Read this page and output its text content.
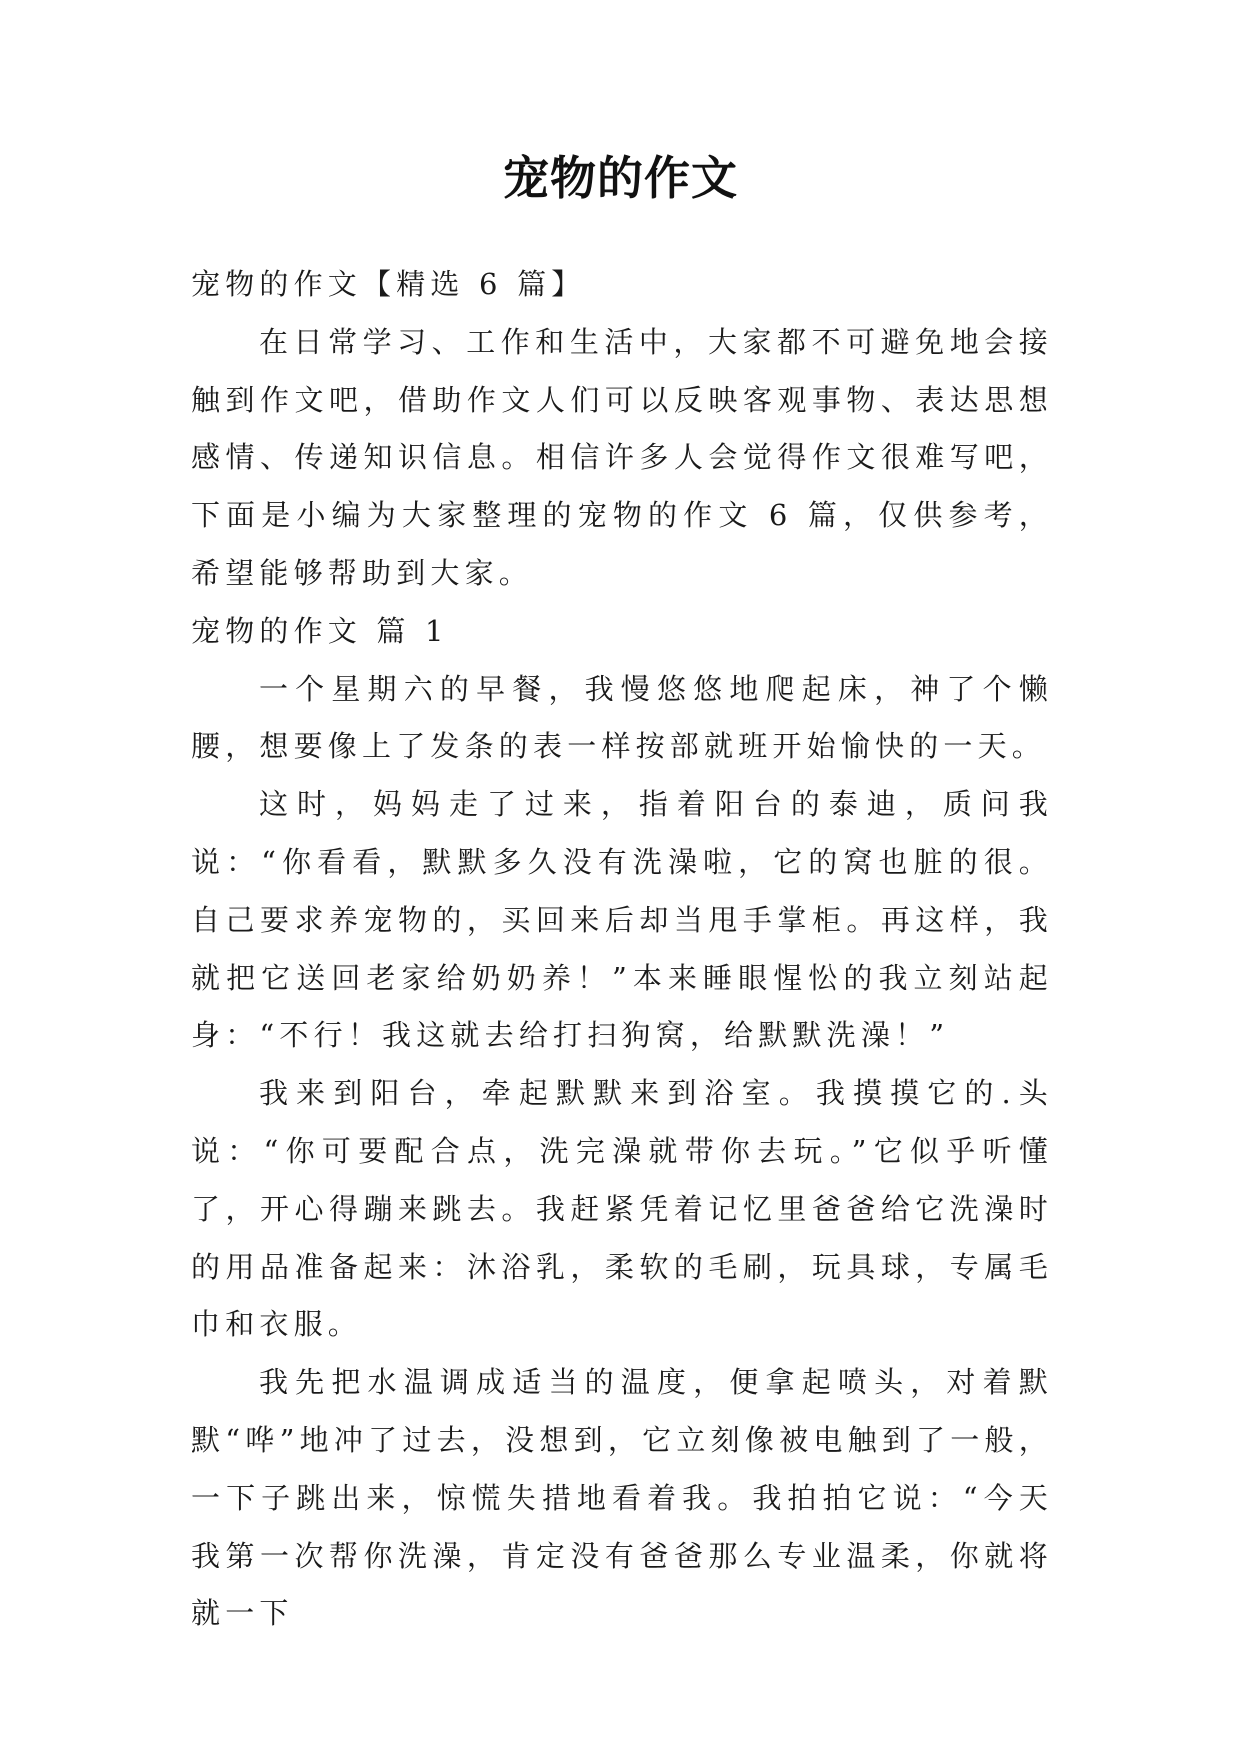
宠物的作文

宠物的作文【精选 6 篇】

在日常学习、工作和生活中，大家都不可避免地会接触到作文吧，借助作文人们可以反映客观事物、表达思想感情、传递知识信息。相信许多人会觉得作文很难写吧，下面是小编为大家整理的宠物的作文 6 篇，仅供参考，希望能够帮助到大家。

宠物的作文 篇 1

一个星期六的早餐，我慢悠悠地爬起床，神了个懒腰，想要像上了发条的表一样按部就班开始愉快的一天。

这时，妈妈走了过来，指着阳台的泰迪，质问我说：“你看看，默默多久没有洗澡啦，它的窝也脏的很。自己要求养宠物的，买回来后却当甩手掌柜。再这样，我就把它送回老家给奶奶养！”本来睡眼惺忪的我立刻站起身：“不行！我这就去给打扫狗窝，给默默洗澡！”

我来到阳台，牵起默默来到浴室。我摸摸它的.头说：“你可要配合点，洗完澡就带你去玩。”它似乎听懂了，开心得蹦来跳去。我赶紧凭着记忆里爸爸给它洗澡时的用品准备起来：沐浴乳，柔软的毛刷，玩具球，专属毛巾和衣服。

我先把水温调成适当的温度，便拿起喷头，对着默默“哗”地冲了过去，没想到，它立刻像被电触到了一般，一下子跳出来，惊慌失措地看着我。我拍拍它说：“今天我第一次帮你洗澡，肯定没有爸爸那么专业温柔，你就将就一下
